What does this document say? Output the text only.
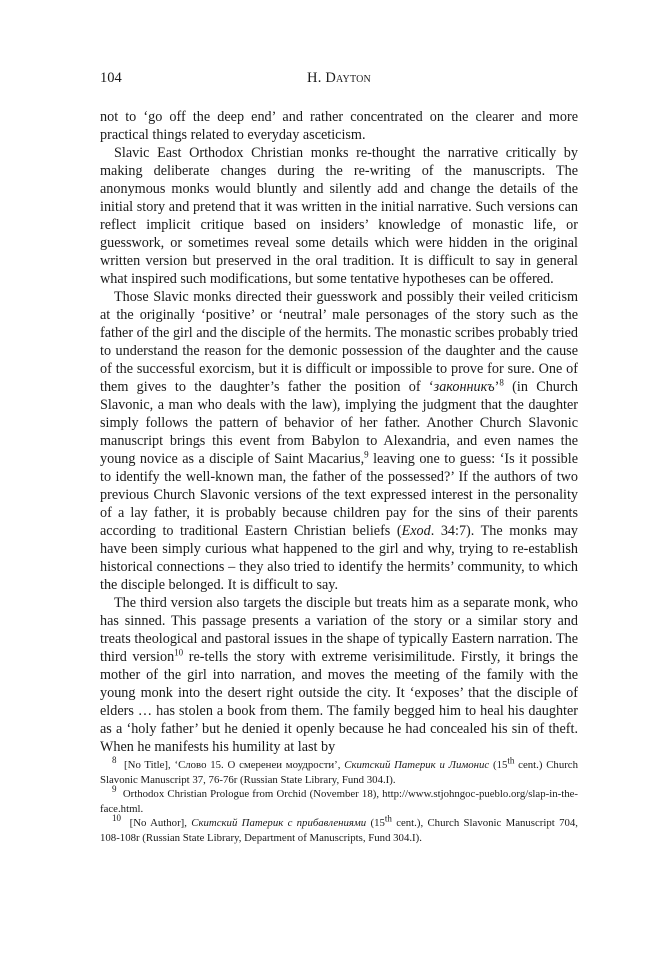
104	H. Dayton

not to ‘go off the deep end’ and rather concentrated on the clearer and more practical things related to everyday asceticism.

Slavic East Orthodox Christian monks re-thought the narrative critically by making deliberate changes during the re-writing of the manuscripts. The anonymous monks would bluntly and silently add and change the details of the initial story and pretend that it was written in the initial narrative. Such versions can reflect implicit critique based on insiders’ knowledge of monastic life, or guesswork, or sometimes reveal some details which were hidden in the original written version but preserved in the oral tradition. It is difficult to say in general what inspired such modifications, but some tentative hypotheses can be offered.

Those Slavic monks directed their guesswork and possibly their veiled criticism at the originally ‘positive’ or ‘neutral’ male personages of the story such as the father of the girl and the disciple of the hermits. The monastic scribes probably tried to understand the reason for the demonic possession of the daughter and the cause of the successful exorcism, but it is difficult or impossible to prove for sure. One of them gives to the daughter’s father the position of ‘законникъ’$^8$ (in Church Slavonic, a man who deals with the law), implying the judgment that the daughter simply follows the pattern of behavior of her father. Another Church Slavonic manuscript brings this event from Babylon to Alexandria, and even names the young novice as a disciple of Saint Macarius,$^9$ leaving one to guess: ‘Is it possible to identify the well-known man, the father of the possessed?’ If the authors of two previous Church Slavonic versions of the text expressed interest in the personality of a lay father, it is probably because children pay for the sins of their parents according to traditional Eastern Christian beliefs (Exod. 34:7). The monks may have been simply curious what happened to the girl and why, trying to re-establish historical connections – they also tried to identify the hermits’ community, to which the disciple belonged. It is difficult to say.

The third version also targets the disciple but treats him as a separate monk, who has sinned. This passage presents a variation of the story or a similar story and treats theological and pastoral issues in the shape of typically Eastern narration. The third version$^{10}$ re-tells the story with extreme verisimilitude. Firstly, it brings the mother of the girl into narration, and moves the meeting of the family with the young monk into the desert right outside the city. It ‘exposes’ that the disciple of elders … has stolen a book from them. The family begged him to heal his daughter as a ‘holy father’ but he denied it openly because he had concealed his sin of theft. When he manifests his humility at last by

$^8$ [No Title], ‘Слово 15. О смеренеи моудрости’, Скитский Патерик и Лимонис (15th cent.) Church Slavonic Manuscript 37, 76-76r (Russian State Library, Fund 304.I).

$^9$ Orthodox Christian Prologue from Orchid (November 18), http://www.stjohngoc-pueblo.org/slap-in-the-face.html.

$^{10}$ [No Author], Скитский Патерик с прибавлениями (15th cent.), Church Slavonic Manuscript 704, 108-108r (Russian State Library, Department of Manuscripts, Fund 304.I).
